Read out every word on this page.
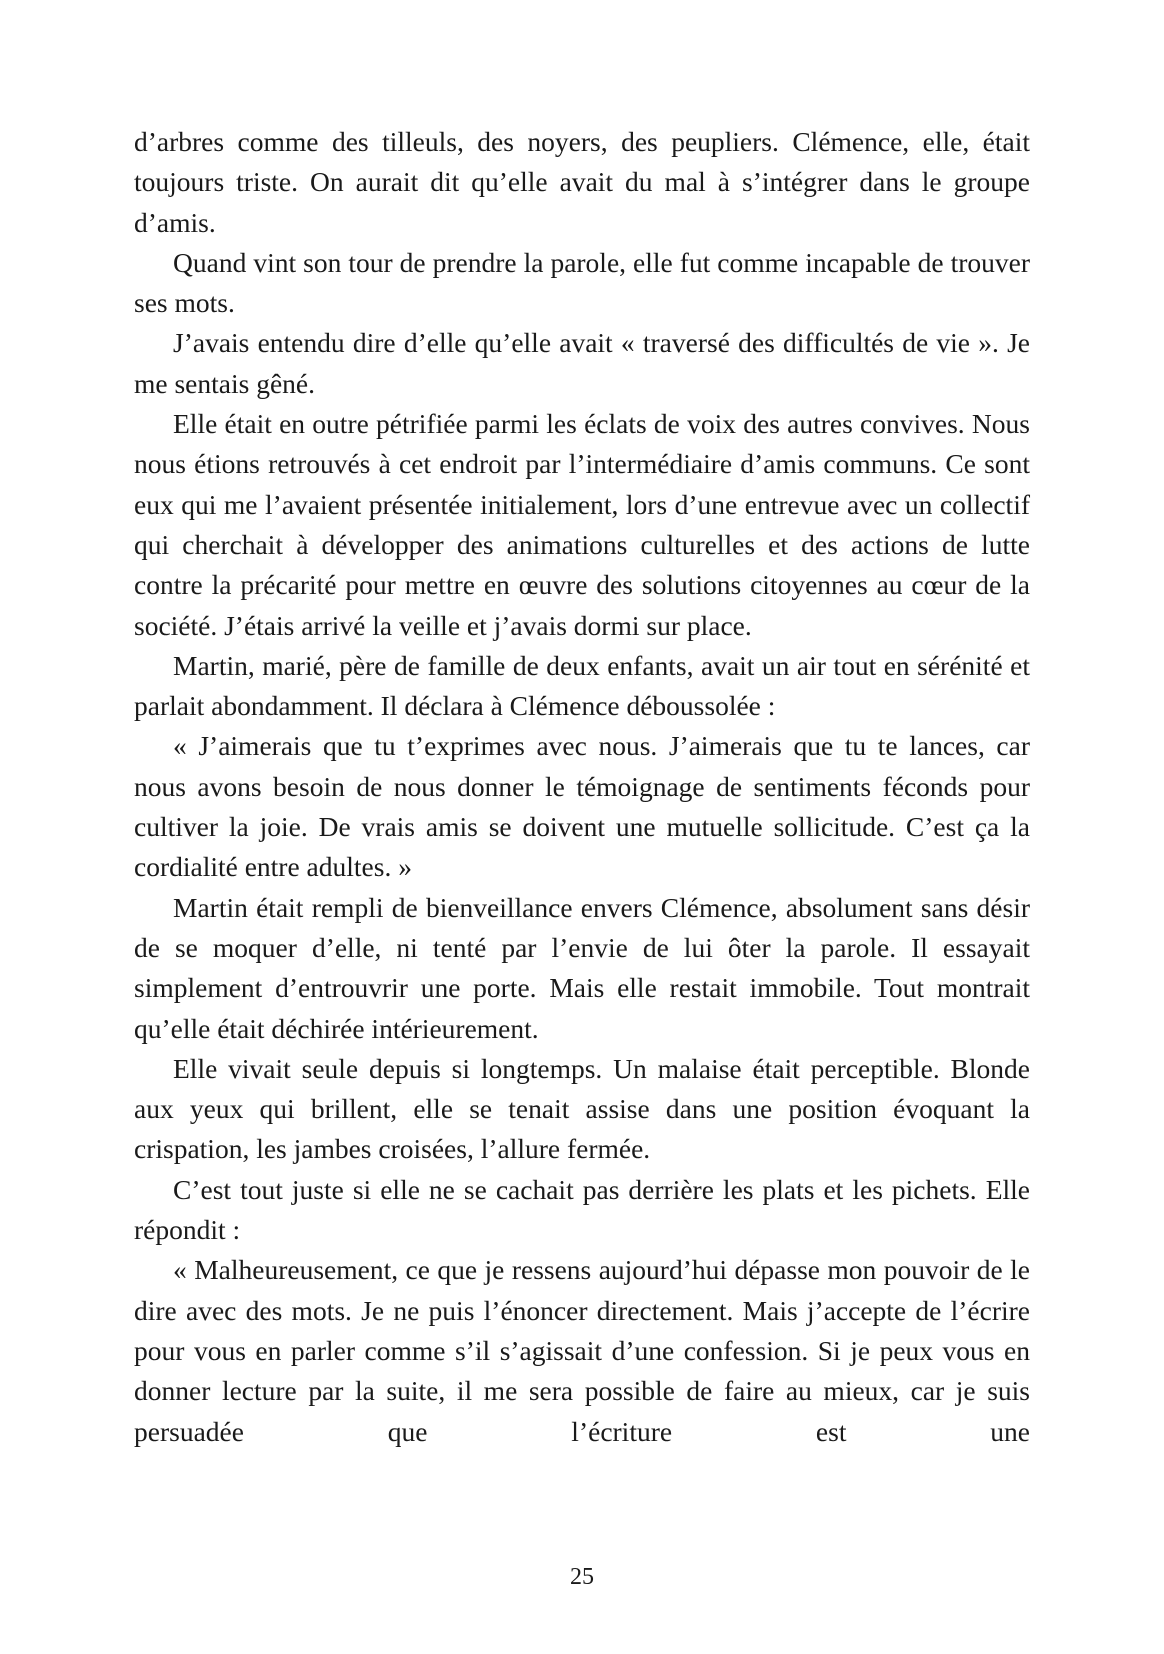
d’arbres comme des tilleuls, des noyers, des peupliers. Clémence, elle, était toujours triste. On aurait dit qu’elle avait du mal à s’intégrer dans le groupe d’amis.

Quand vint son tour de prendre la parole, elle fut comme incapable de trouver ses mots.

J’avais entendu dire d’elle qu’elle avait « traversé des difficultés de vie ». Je me sentais gêné.

Elle était en outre pétrifiée parmi les éclats de voix des autres convives. Nous nous étions retrouvés à cet endroit par l’intermédiaire d’amis communs. Ce sont eux qui me l’avaient présentée initialement, lors d’une entrevue avec un collectif qui cherchait à développer des animations culturelles et des actions de lutte contre la précarité pour mettre en œuvre des solutions citoyennes au cœur de la société. J’étais arrivé la veille et j’avais dormi sur place.

Martin, marié, père de famille de deux enfants, avait un air tout en sérénité et parlait abondamment. Il déclara à Clémence déboussolée :

« J’aimerais que tu t’exprimes avec nous. J’aimerais que tu te lances, car nous avons besoin de nous donner le témoignage de sentiments féconds pour cultiver la joie. De vrais amis se doivent une mutuelle sollicitude. C’est ça la cordialité entre adultes. »

Martin était rempli de bienveillance envers Clémence, absolument sans désir de se moquer d’elle, ni tenté par l’envie de lui ôter la parole. Il essayait simplement d’entrouvrir une porte. Mais elle restait immobile. Tout montrait qu’elle était déchirée intérieurement.

Elle vivait seule depuis si longtemps. Un malaise était perceptible. Blonde aux yeux qui brillent, elle se tenait assise dans une position évoquant la crispation, les jambes croisées, l’allure fermée.

C’est tout juste si elle ne se cachait pas derrière les plats et les pichets. Elle répondit :

« Malheureusement, ce que je ressens aujourd’hui dépasse mon pouvoir de le dire avec des mots. Je ne puis l’énoncer directement. Mais j’accepte de l’écrire pour vous en parler comme s’il s’agissait d’une confession. Si je peux vous en donner lecture par la suite, il me sera possible de faire au mieux, car je suis persuadée que l’écriture est une

25
